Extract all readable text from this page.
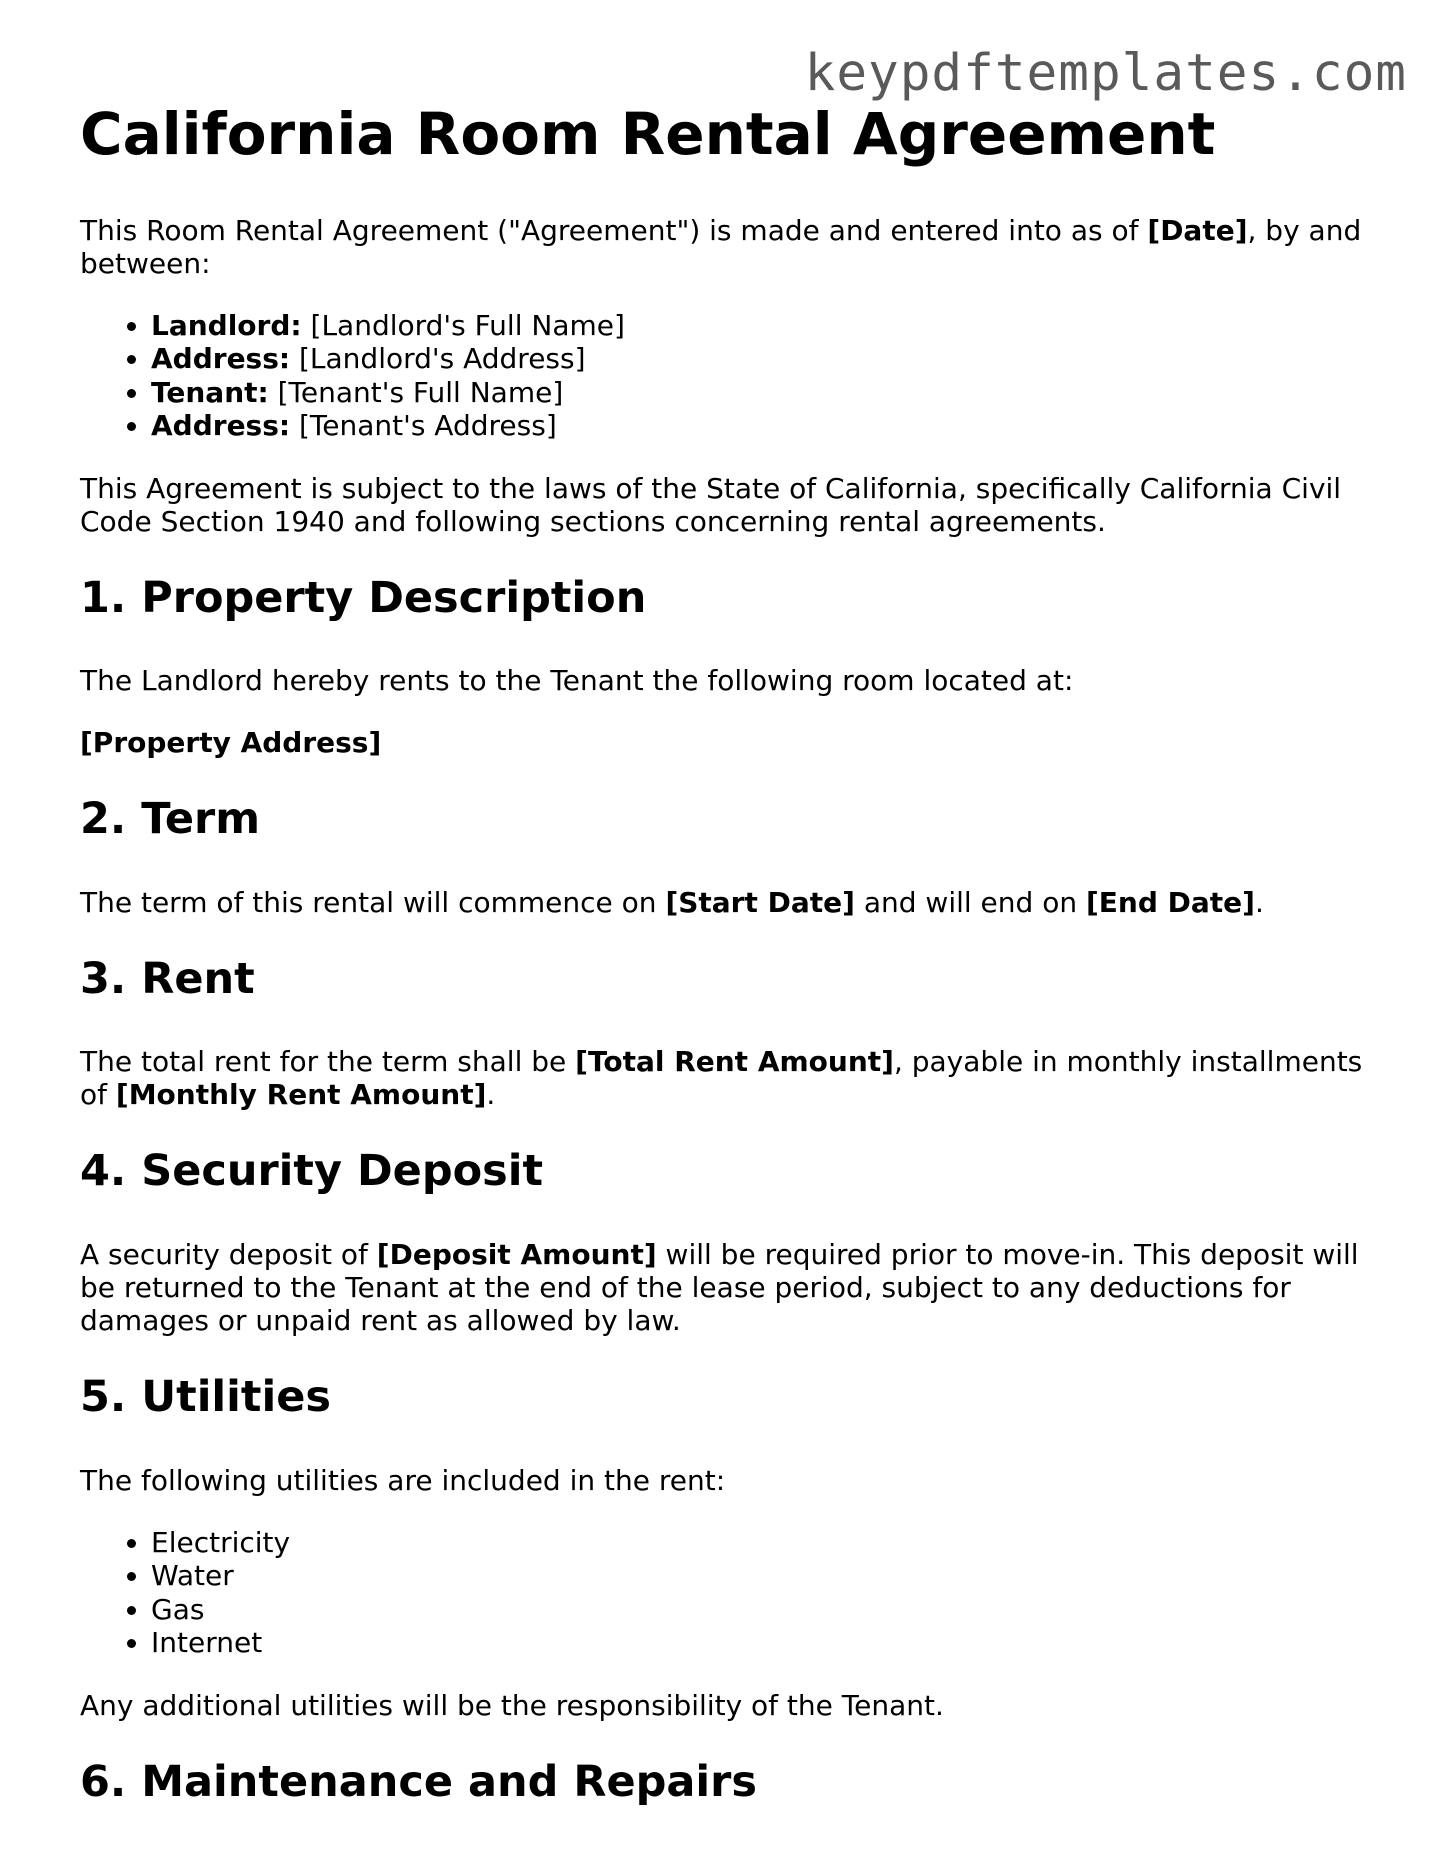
keypdftemplates.com
California Room Rental Agreement

This Room Rental Agreement ("Agreement") is made and entered into as of [Date], by and between:

• Landlord: [Landlord's Full Name]
• Address: [Landlord's Address]
• Tenant: [Tenant's Full Name]
• Address: [Tenant's Address]

This Agreement is subject to the laws of the State of California, specifically California Civil Code Section 1940 and following sections concerning rental agreements.

1. Property Description

The Landlord hereby rents to the Tenant the following room located at:

[Property Address]

2. Term

The term of this rental will commence on [Start Date] and will end on [End Date].

3. Rent

The total rent for the term shall be [Total Rent Amount], payable in monthly installments of [Monthly Rent Amount].

4. Security Deposit

A security deposit of [Deposit Amount] will be required prior to move-in. This deposit will be returned to the Tenant at the end of the lease period, subject to any deductions for damages or unpaid rent as allowed by law.

5. Utilities

The following utilities are included in the rent:

• Electricity
• Water
• Gas
• Internet

Any additional utilities will be the responsibility of the Tenant.

6. Maintenance and Repairs
